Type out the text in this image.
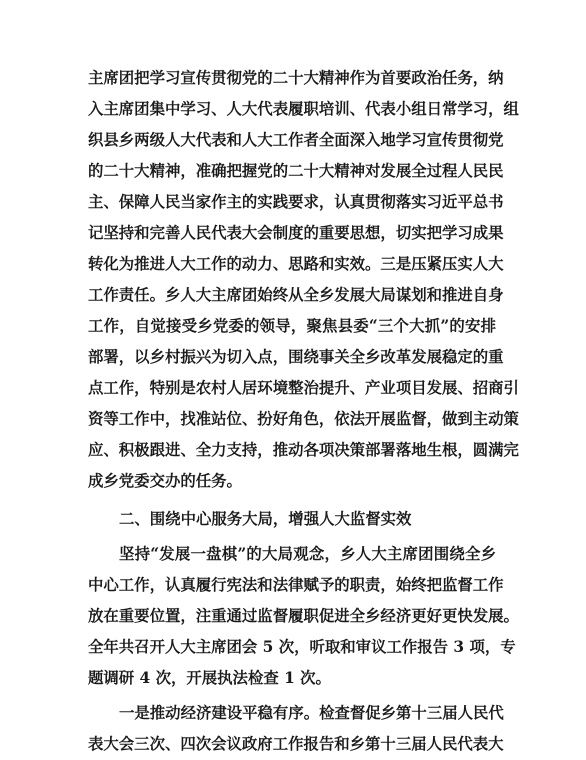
主席团把学习宣传贯彻党的二十大精神作为首要政治任务，纳
入主席团集中学习、人大代表履职培训、代表小组日常学习，组
织县乡两级人大代表和人大工作者全面深入地学习宣传贯彻党
的二十大精神，准确把握党的二十大精神对发展全过程人民民
主、保障人民当家作主的实践要求，认真贯彻落实习近平总书
记坚持和完善人民代表大会制度的重要思想，切实把学习成果
转化为推进人大工作的动力、思路和实效。三是压紧压实人大
工作责任。乡人大主席团始终从全乡发展大局谋划和推进自身
工作，自觉接受乡党委的领导，聚焦县委“三个大抓”的安排
部署，以乡村振兴为切入点，围绕事关全乡改革发展稳定的重
点工作，特别是农村人居环境整治提升、产业项目发展、招商引
资等工作中，找准站位、扮好角色，依法开展监督，做到主动策
应、积极跟进、全力支持，推动各项决策部署落地生根，圆满完
成乡党委交办的任务。
二、围绕中心服务大局，增强人大监督实效
坚持“发展一盘棋”的大局观念，乡人大主席团围绕全乡
中心工作，认真履行宪法和法律赋予的职责，始终把监督工作
放在重要位置，注重通过监督履职促进全乡经济更好更快发展。
全年共召开人大主席团会 5 次，听取和审议工作报告 3 项，专
题调研 4 次，开展执法检查 1 次。
一是推动经济建设平稳有序。检查督促乡第十三届人民代
表大会三次、四次会议政府工作报告和乡第十三届人民代表大
